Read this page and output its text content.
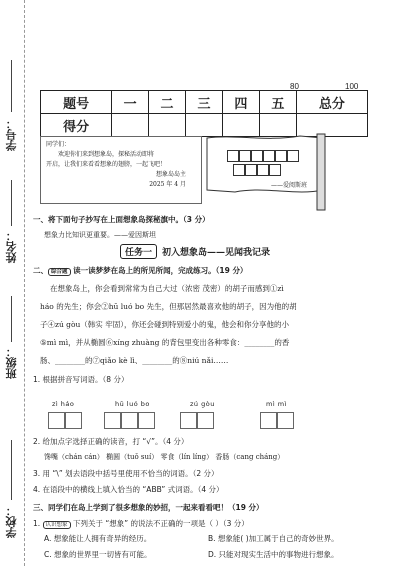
学号：
姓名：
班级：
学校：
80	100
题号	一	二	三	四	五	总分
得分						
同学们：
欢迎你们来到想象岛，探秘活动即将
开启，让我们来看看想象的翅膀，一起飞吧！
想象岛岛主
2025 年 4 月	——爱阅斯班
一、将下面句子抄写在上面想象岛探秘旗中。（3 分）
想象力比知识更重要。——爱因斯坦
任务一	初入想象岛——见闻我记录
二、 综合题 读一读梦梦在岛上的所见所闻，完成练习。（19 分）
在想象岛上，你会看到常常为自己大过（浓密 茂密）的胡子而感到①zì
háo 的先生；你会②hū luó bo 先生，但那居然最喜欢他的胡子，因为他的胡
子④zú gòu（韩实 牢固），你还会碰到特别爱小的鬼，他会和你分享他的小
⑤mì mì，并从椭圆⑥xíng zhuàng 的背包里变出各种零食：________的香
肠、________的⑦qiǎo kè lì、________的⑧niú nǎi……
1. 根据拼音写词语。（8 分）
zì háo	hū luó bo	zú gòu	mì mì
2. 给加点字选择正确的读音，打 “√”。（4 分）
馋嘴（chán cán） 椭圆（tuǒ suí） 零食（lín líng） 香肠（cang cháng）
3. 用 “\” 划去语段中括号里使用不恰当的词语。（2 分）
4. 在语段中的横线上填入恰当的 “ABB” 式词语。（4 分）
三、同学们在岛上学到了很多想象的妙招，一起来看看吧！（19 分）
1. 认识想象 下列关于 “想象” 的说法不正确的一项是（ ）（3 分）
A. 想象能让人拥有奇异的经历。	B. 想象能( )加工属于自己的奇妙世界。
C. 想象的世界里一切皆有可能。	D. 只能对现实生活中的事物进行想象。
